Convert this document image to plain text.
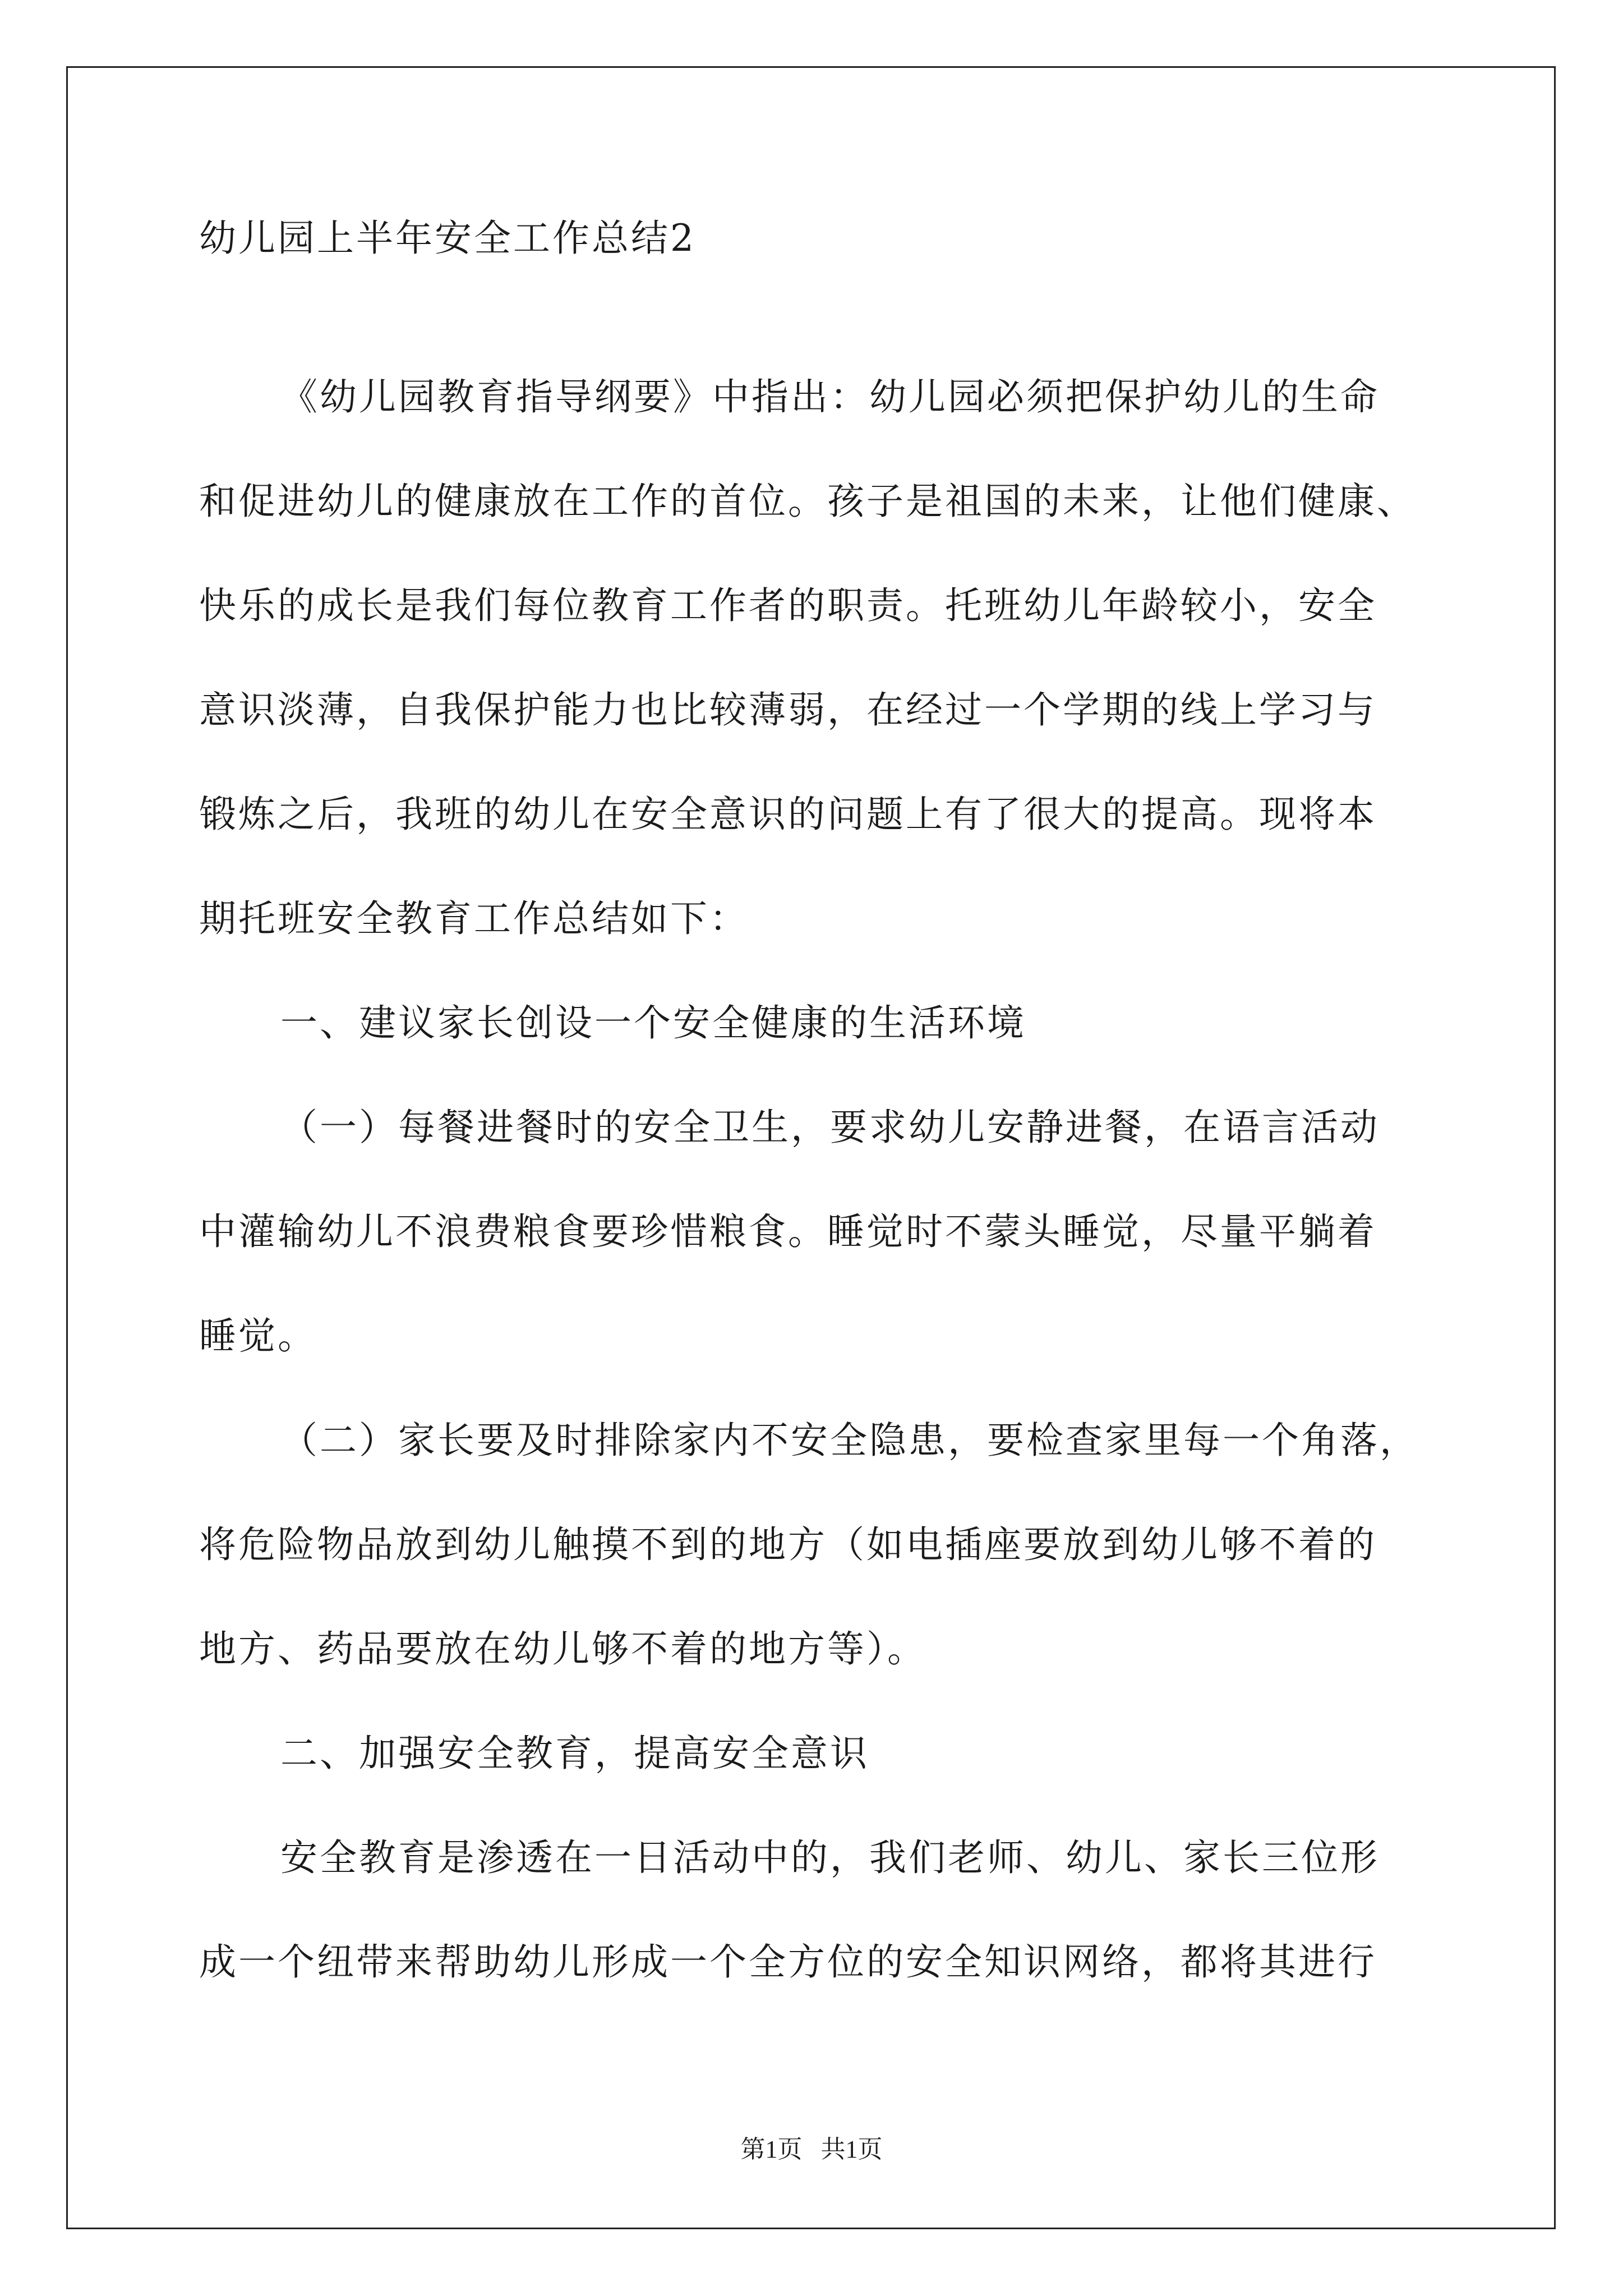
幼儿园上半年安全工作总结2

《幼儿园教育指导纲要》中指出：幼儿园必须把保护幼儿的生命

和促进幼儿的健康放在工作的首位。孩子是祖国的未来，让他们健康、

快乐的成长是我们每位教育工作者的职责。托班幼儿年龄较小，安全

意识淡薄，自我保护能力也比较薄弱，在经过一个学期的线上学习与

锻炼之后，我班的幼儿在安全意识的问题上有了很大的提高。现将本

期托班安全教育工作总结如下：

一、建议家长创设一个安全健康的生活环境

（一）每餐进餐时的安全卫生，要求幼儿安静进餐，在语言活动

中灌输幼儿不浪费粮食要珍惜粮食。睡觉时不蒙头睡觉，尽量平躺着

睡觉。

（二）家长要及时排除家内不安全隐患，要检查家里每一个角落，

将危险物品放到幼儿触摸不到的地方（如电插座要放到幼儿够不着的

地方、药品要放在幼儿够不着的地方等）。

二、加强安全教育，提高安全意识

安全教育是渗透在一日活动中的，我们老师、幼儿、家长三位形

成一个纽带来帮助幼儿形成一个全方位的安全知识网络，都将其进行

第1页   共1页
